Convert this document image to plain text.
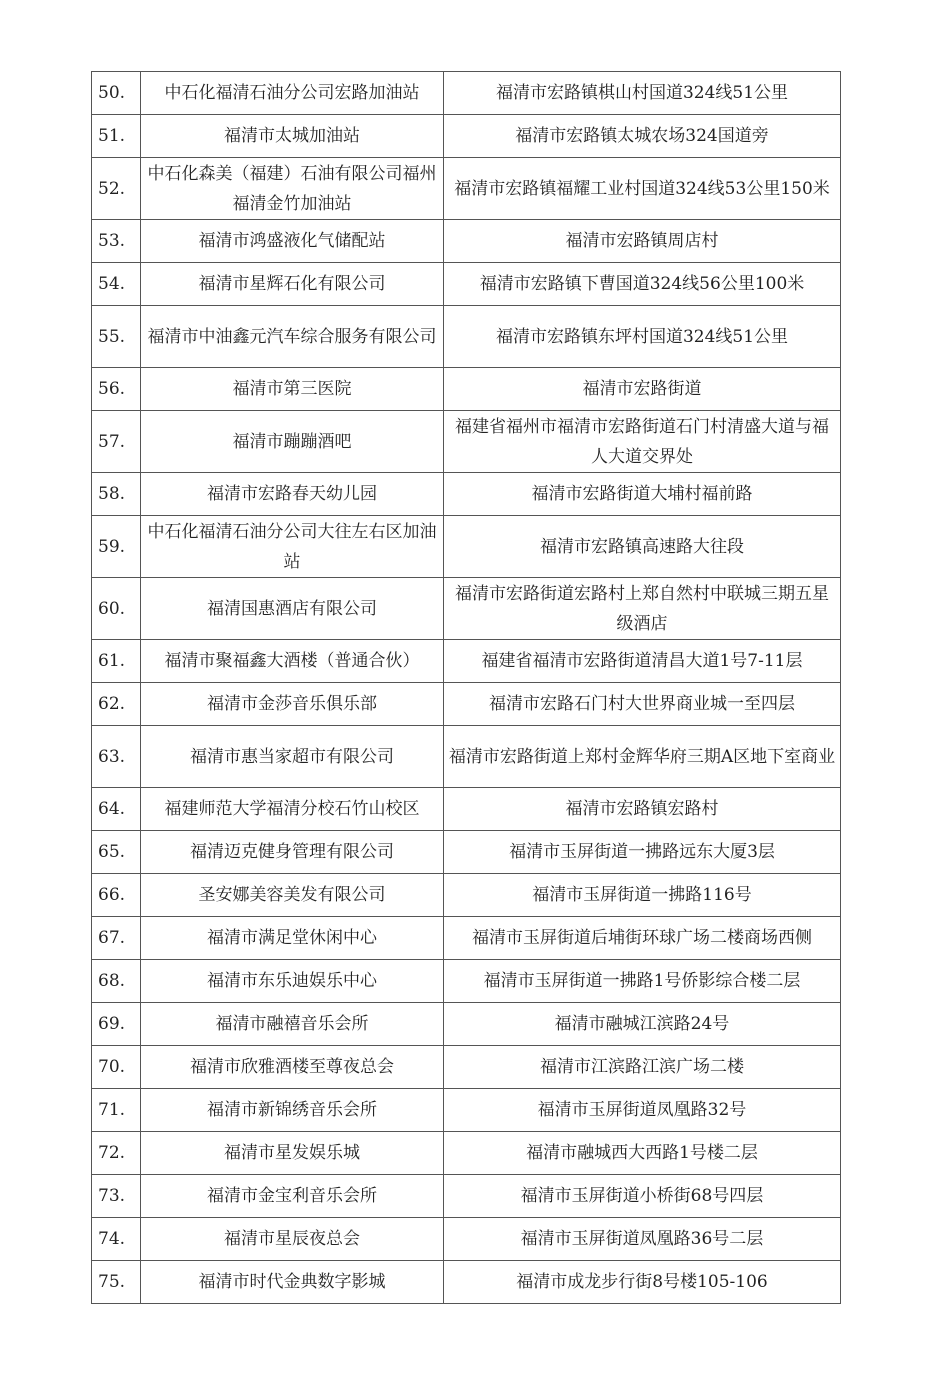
50.	中石化福清石油分公司宏路加油站	福清市宏路镇棋山村国道324线51公里
51.	福清市太城加油站	福清市宏路镇太城农场324国道旁
52.	中石化森美（福建）石油有限公司福州福清金竹加油站	福清市宏路镇福耀工业村国道324线53公里150米
53.	福清市鸿盛液化气储配站	福清市宏路镇周店村
54.	福清市星辉石化有限公司	福清市宏路镇下曹国道324线56公里100米
55.	福清市中油鑫元汽车综合服务有限公司	福清市宏路镇东坪村国道324线51公里
56.	福清市第三医院	福清市宏路街道
57.	福清市蹦蹦酒吧	福建省福州市福清市宏路街道石门村清盛大道与福人大道交界处
58.	福清市宏路春天幼儿园	福清市宏路街道大埔村福前路
59.	中石化福清石油分公司大往左右区加油站	福清市宏路镇高速路大往段
60.	福清国惠酒店有限公司	福清市宏路街道宏路村上郑自然村中联城三期五星级酒店
61.	福清市聚福鑫大酒楼（普通合伙）	福建省福清市宏路街道清昌大道1号7-11层
62.	福清市金莎音乐俱乐部	福清市宏路石门村大世界商业城一至四层
63.	福清市惠当家超市有限公司	福清市宏路街道上郑村金辉华府三期A区地下室商业
64.	福建师范大学福清分校石竹山校区	福清市宏路镇宏路村
65.	福清迈克健身管理有限公司	福清市玉屏街道一拂路远东大厦3层
66.	圣安娜美容美发有限公司	福清市玉屏街道一拂路116号
67.	福清市满足堂休闲中心	福清市玉屏街道后埔街环球广场二楼商场西侧
68.	福清市东乐迪娱乐中心	福清市玉屏街道一拂路1号侨影综合楼二层
69.	福清市融禧音乐会所	福清市融城江滨路24号
70.	福清市欣雅酒楼至尊夜总会	福清市江滨路江滨广场二楼
71.	福清市新锦绣音乐会所	福清市玉屏街道凤凰路32号
72.	福清市星发娱乐城	福清市融城西大西路1号楼二层
73.	福清市金宝利音乐会所	福清市玉屏街道小桥街68号四层
74.	福清市星辰夜总会	福清市玉屏街道凤凰路36号二层
75.	福清市时代金典数字影城	福清市成龙步行街8号楼105-106
